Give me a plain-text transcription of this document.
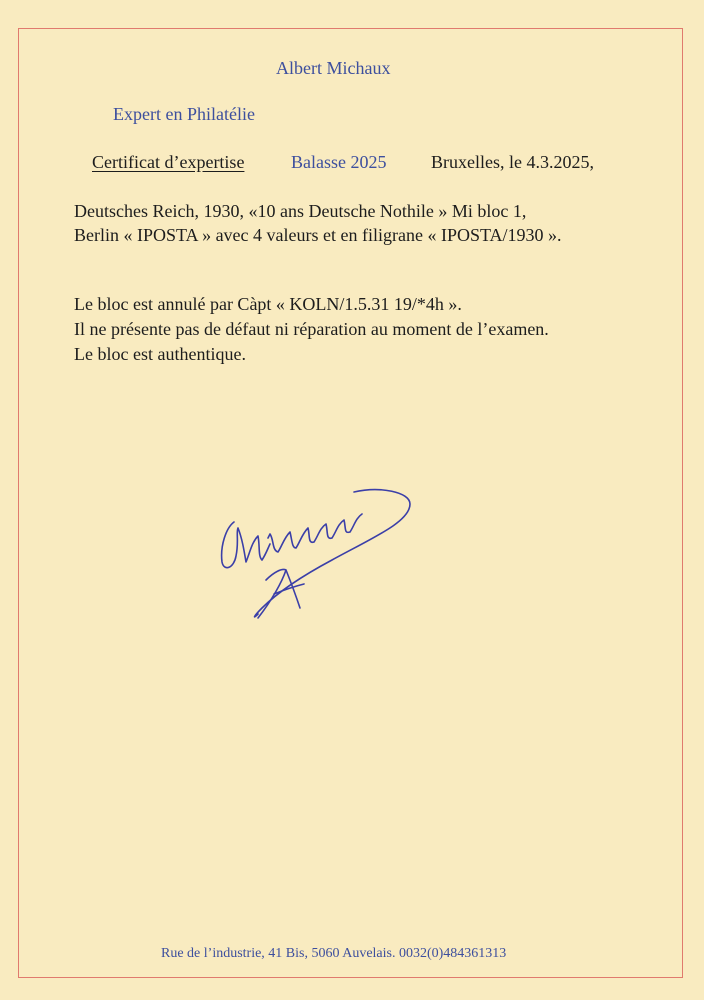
Albert Michaux
Expert en Philatélie
Certificat d’expertise	Balasse 2025 Bruxelles, le 4.3.2025,
Deutsches Reich, 1930, «10 ans Deutsche Nothile » Mi bloc 1,
Berlin « IPOSTA » avec 4 valeurs et en filigrane « IPOSTA/1930 ».
Le bloc est annulé par Càpt « KOLN/1.5.31 19/*4h ».
Il ne présente pas de défaut ni réparation au moment de l’examen.
Le bloc est authentique.
Rue de l’industrie, 41 Bis, 5060 Auvelais. 0032(0)484361313
